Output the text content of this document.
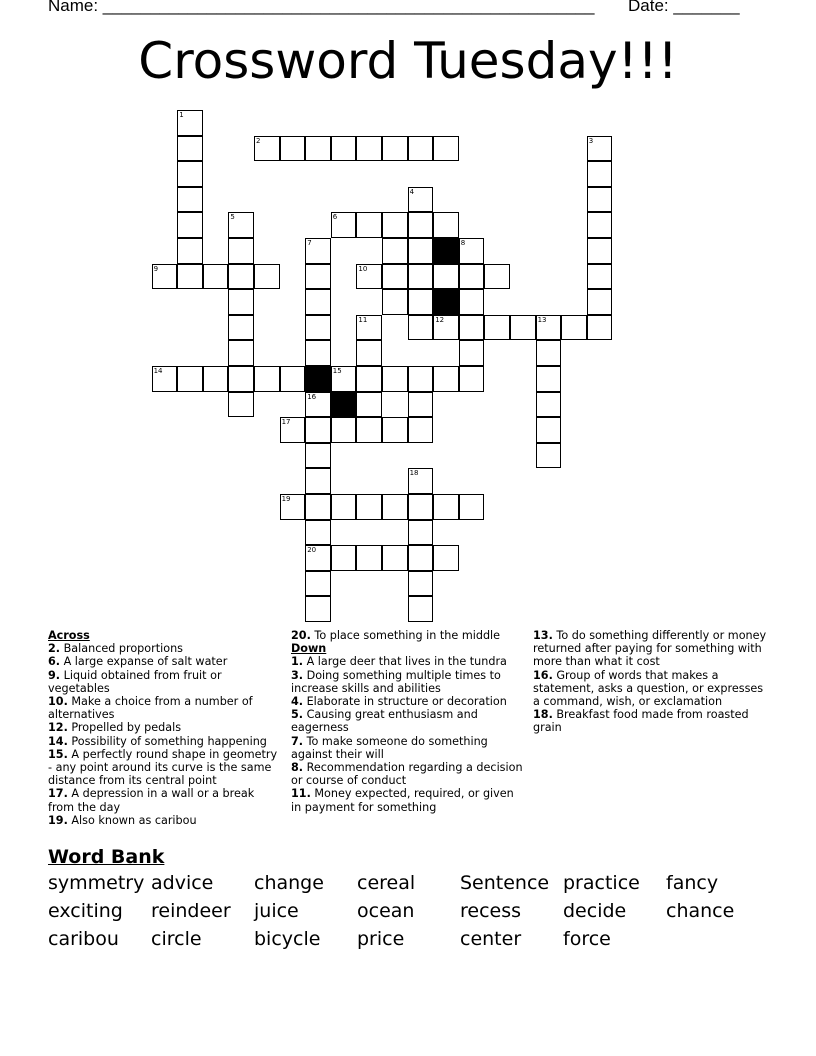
Name: ____________________________________________________ Date: _______
Crossword Tuesday!!!
1
2	3
4
5	6
7	8
9	10
11	12	13
14	15
16
17
18
19
20
Across
2. Balanced proportions
6. A large expanse of salt water
9. Liquid obtained from fruit or vegetables
10. Make a choice from a number of alternatives
12. Propelled by pedals
14. Possibility of something happening
15. A perfectly round shape in geometry - any point around its curve is the same distance from its central point
17. A depression in a wall or a break from the day
19. Also known as caribou
20. To place something in the middle
Down
1. A large deer that lives in the tundra
3. Doing something multiple times to increase skills and abilities
4. Elaborate in structure or decoration
5. Causing great enthusiasm and eagerness
7. To make someone do something against their will
8. Recommendation regarding a decision or course of conduct
11. Money expected, required, or given in payment for something
13. To do something differently or money returned after paying for something with more than what it cost
16. Group of words that makes a statement, asks a question, or expresses a command, wish, or exclamation
18. Breakfast food made from roasted grain
Word Bank
symmetry advice change cereal Sentence practice fancy
exciting reindeer juice	ocean recess decide chance
caribou circle	bicycle price	center force
